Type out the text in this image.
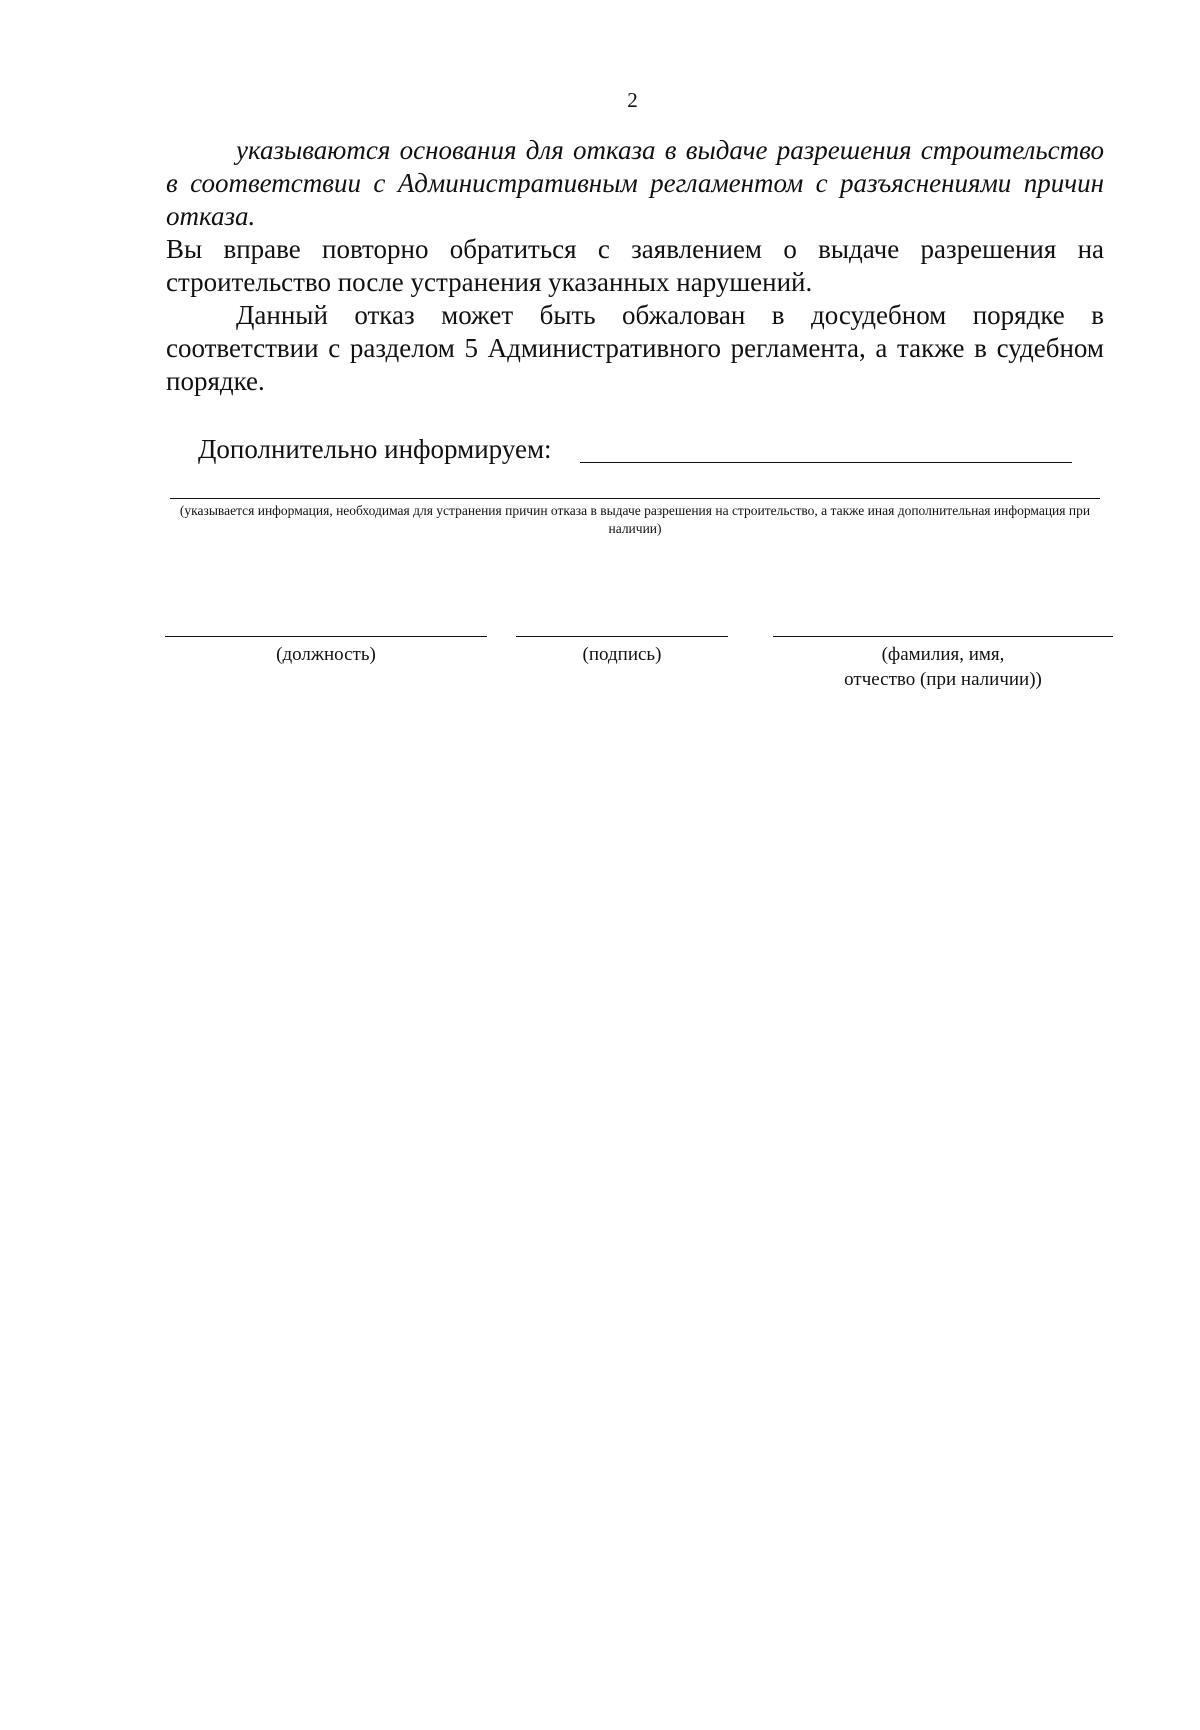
2

указываются основания для отказа в выдаче разрешения строительство в соответствии с Административным регламентом с разъяснениями причин отказа.

Вы вправе повторно обратиться с заявлением о выдаче разрешения на строительство после устранения указанных нарушений.

Данный отказ может быть обжалован в досудебном порядке в соответствии с разделом 5 Административного регламента, а также в судебном порядке.

Дополнительно информируем:
(указывается информация, необходимая для устранения причин отказа в выдаче разрешения на строительство, а также иная дополнительная информация при наличии)
(должность)	(подпись)	(фамилия, имя,
отчество (при наличии))
